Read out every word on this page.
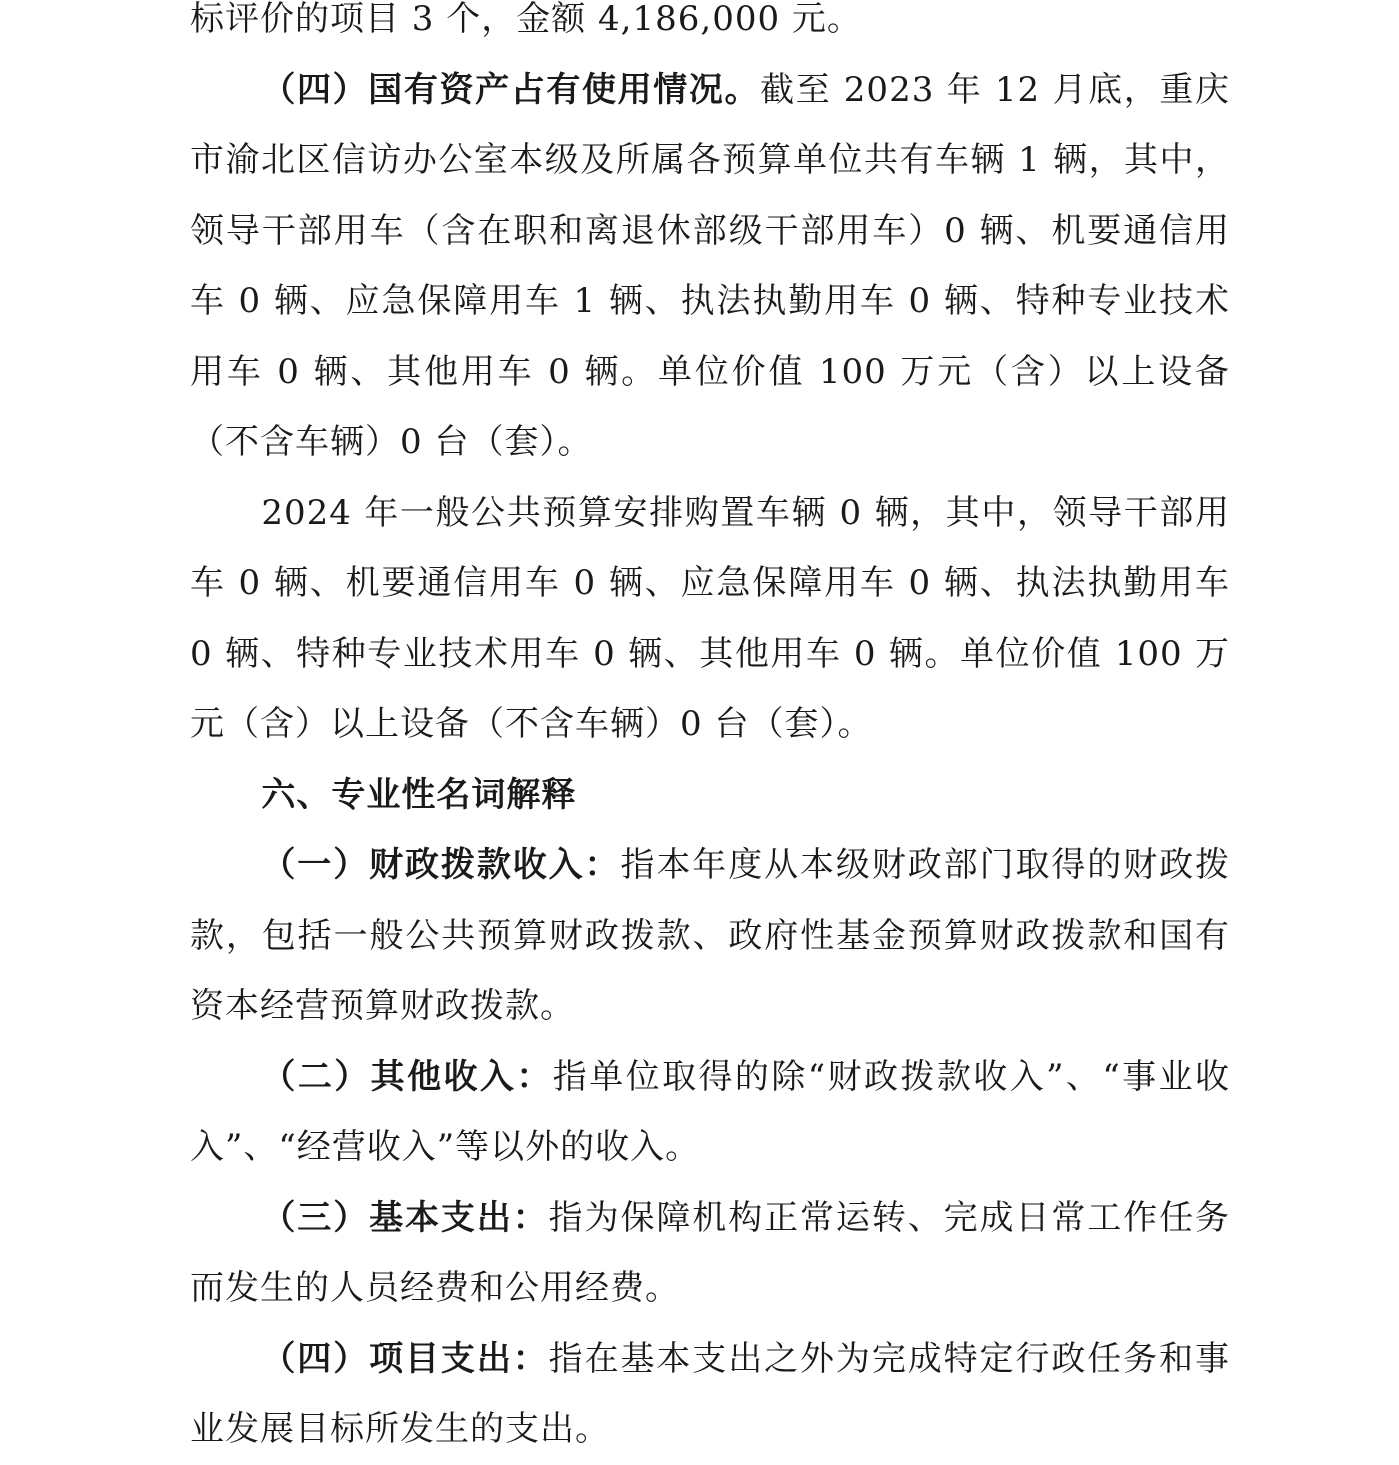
标评价的项目 3 个，金额 4,186,000 元。

（四）国有资产占有使用情况。截至 2023 年 12 月底，重庆市渝北区信访办公室本级及所属各预算单位共有车辆 1 辆，其中，领导干部用车（含在职和离退休部级干部用车）0 辆、机要通信用车 0 辆、应急保障用车 1 辆、执法执勤用车 0 辆、特种专业技术用车 0 辆、其他用车 0 辆。单位价值 100 万元（含）以上设备（不含车辆）0 台（套）。

2024 年一般公共预算安排购置车辆 0 辆，其中，领导干部用车 0 辆、机要通信用车 0 辆、应急保障用车 0 辆、执法执勤用车 0 辆、特种专业技术用车 0 辆、其他用车 0 辆。单位价值 100 万元（含）以上设备（不含车辆）0 台（套）。

六、专业性名词解释

（一）财政拨款收入：指本年度从本级财政部门取得的财政拨款，包括一般公共预算财政拨款、政府性基金预算财政拨款和国有资本经营预算财政拨款。

（二）其他收入：指单位取得的除“财政拨款收入”、“事业收入”、“经营收入”等以外的收入。

（三）基本支出：指为保障机构正常运转、完成日常工作任务而发生的人员经费和公用经费。

（四）项目支出：指在基本支出之外为完成特定行政任务和事业发展目标所发生的支出。
